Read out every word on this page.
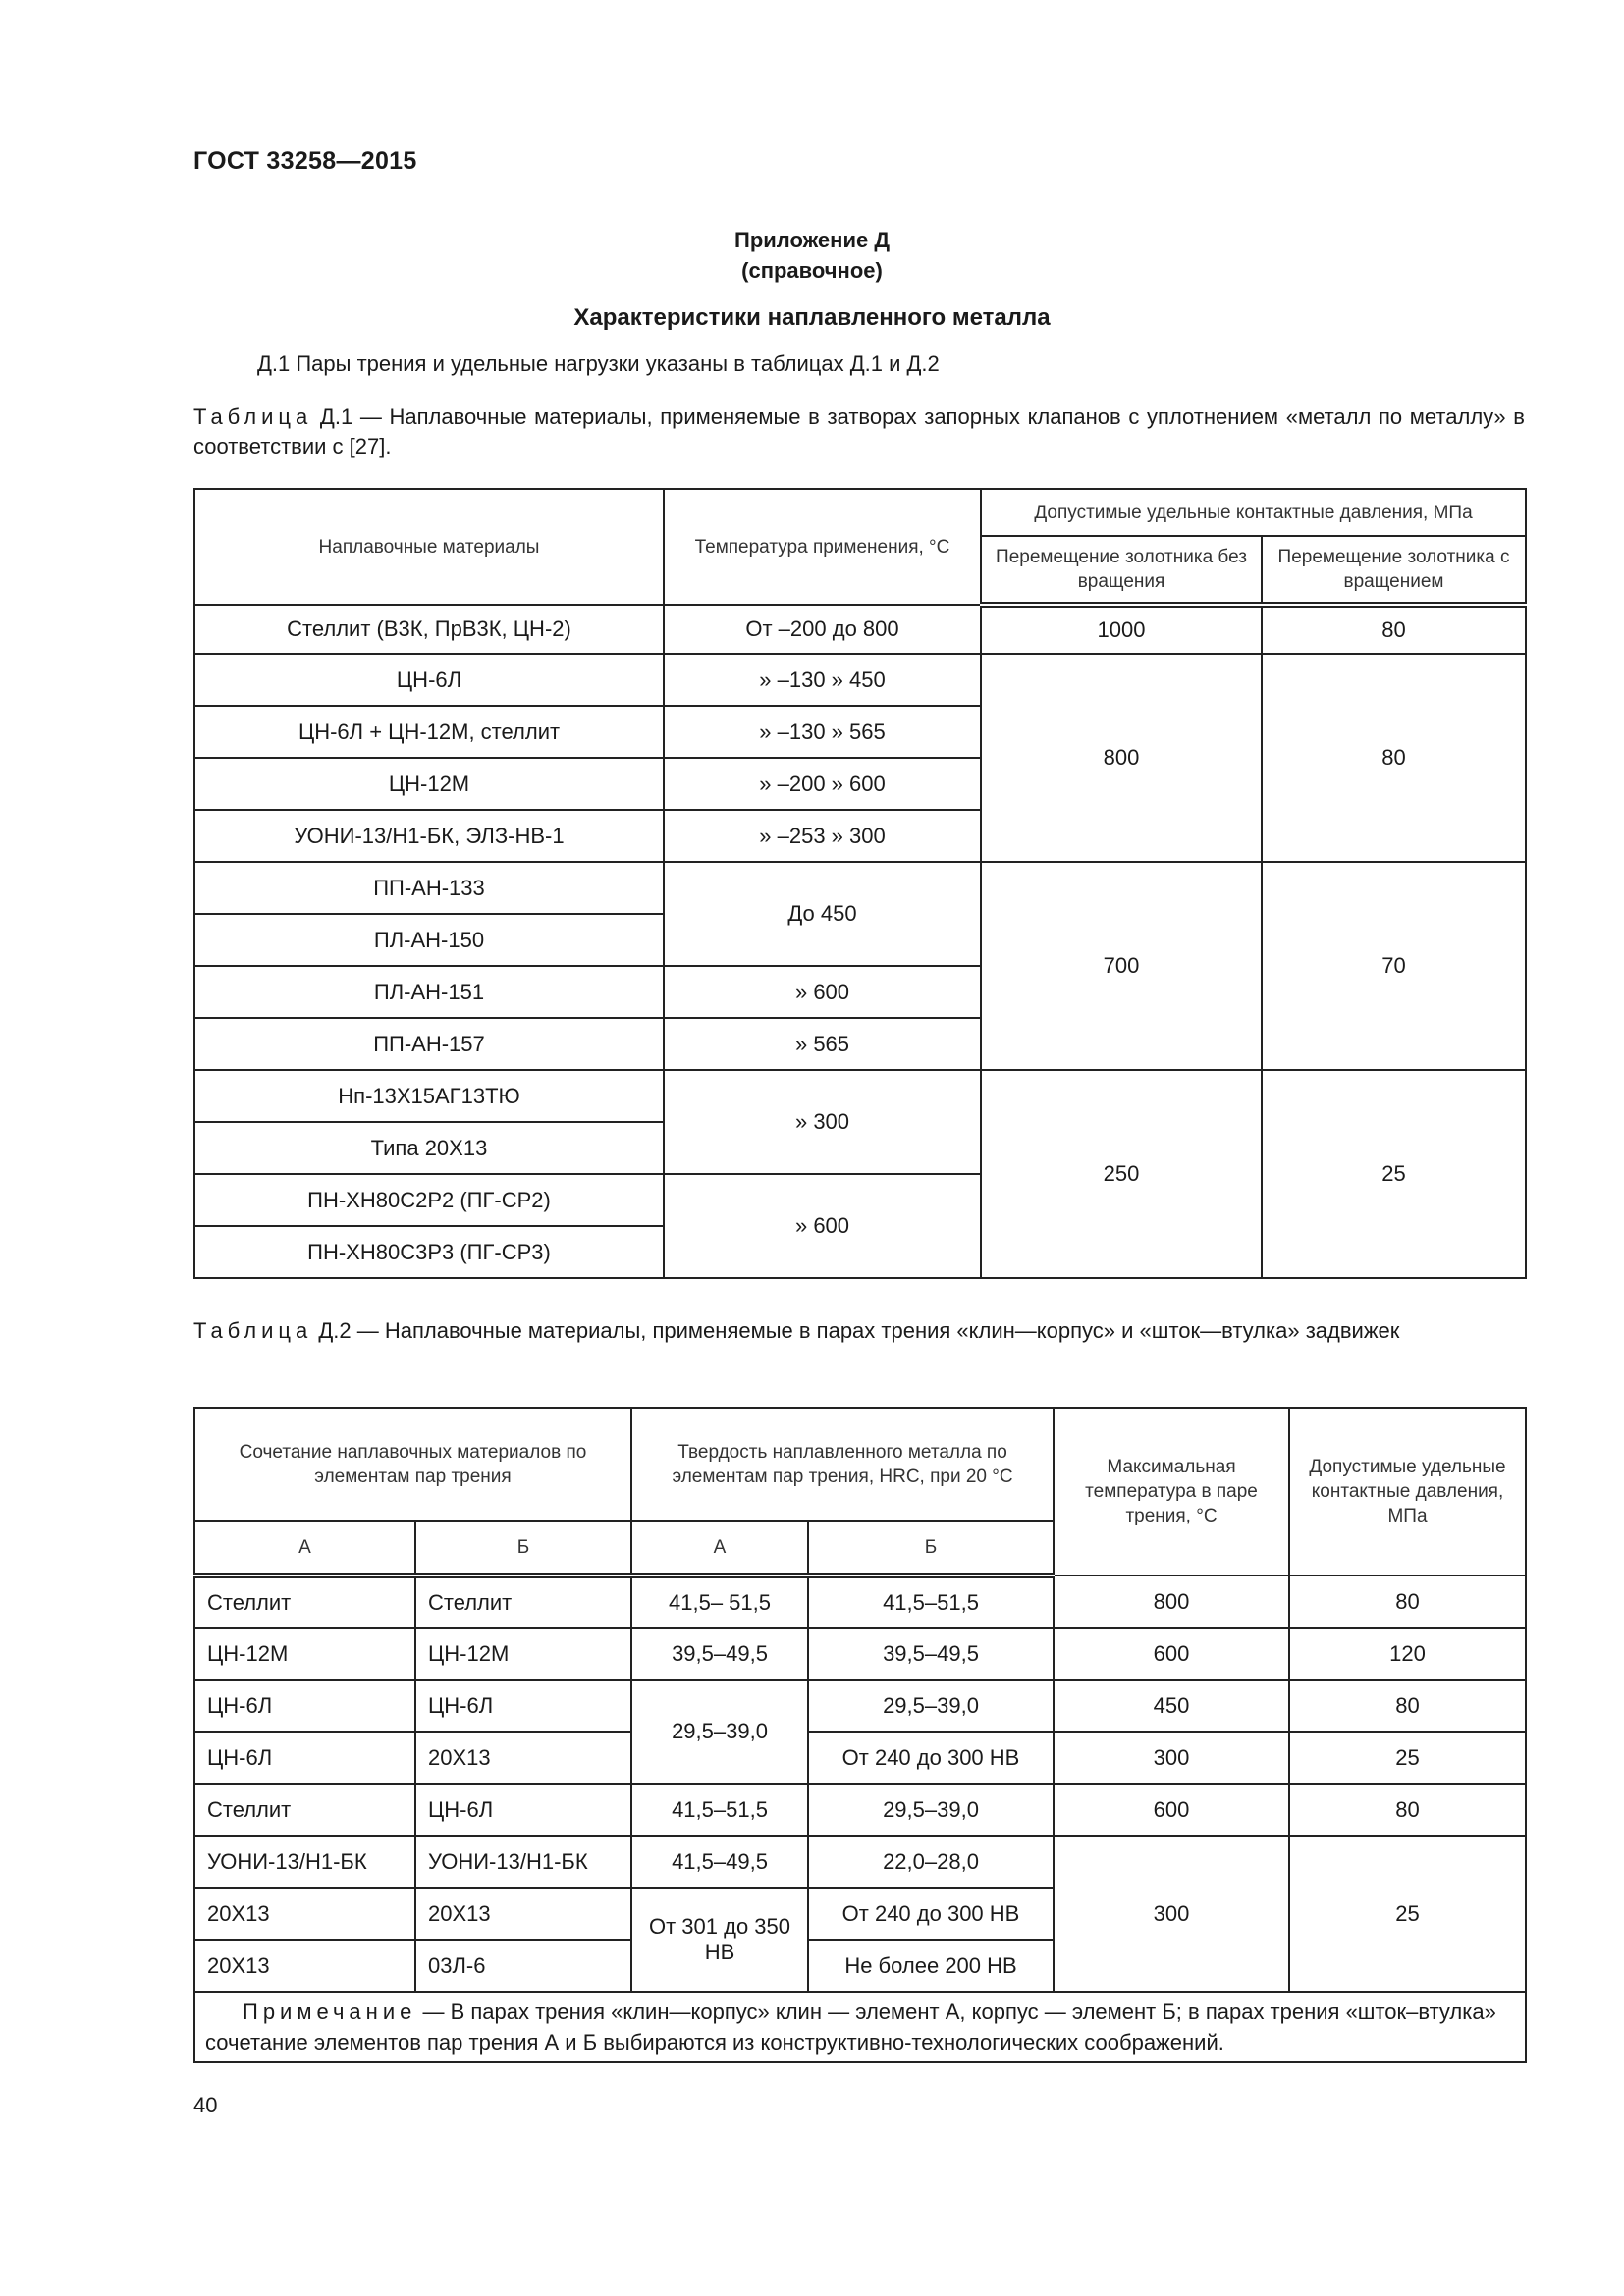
ГОСТ 33258—2015
Приложение Д
(справочное)
Характеристики наплавленного металла
Д.1 Пары трения и удельные нагрузки указаны в таблицах Д.1 и Д.2
Таблица Д.1 — Наплавочные материалы, применяемые в затворах запорных клапанов с уплотнением «металл по металлу» в соответствии с [27].
Наплавочные материалы	Температура применения, °С	Допустимые удельные контактные давления, МПа	
		Перемещение золотника без вращения	Перемещение золотника с вращением
Стеллит (В3К, ПрВ3К, ЦН-2)	От –200 до 800	1000	80
ЦН-6Л	» –130 » 450	800	80
ЦН-6Л + ЦН-12М, стеллит	» –130 » 565		
ЦН-12М	» –200 » 600		
УОНИ-13/Н1-БК, ЭЛЗ-НВ-1	» –253 » 300		
ПП-АН-133	До 450	700	70
ПЛ-АН-150			
ПЛ-АН-151	» 600		
ПП-АН-157	» 565		
Нп-13Х15АГ13ТЮ	» 300	250	25
Типа 20Х13			
ПН-ХН80С2Р2 (ПГ-СР2)	» 600		
ПН-ХН80С3Р3 (ПГ-СР3)			
Таблица Д.2 — Наплавочные материалы, применяемые в парах трения «клин—корпус» и «шток—втулка» задвижек
Сочетание наплавочных материалов по элементам пар трения		Твердость наплавленного металла по элементам пар трения, HRC, при 20 °С		Максимальная температура в паре трения, °С	Допустимые удельные контактные давления, МПа
А	Б	А	Б		
Стеллит	Стеллит	41,5– 51,5	41,5–51,5	800	80
ЦН-12М	ЦН-12М	39,5–49,5	39,5–49,5	600	120
ЦН-6Л	ЦН-6Л	29,5–39,0	29,5–39,0	450	80
ЦН-6Л	20Х13		От 240 до 300 НВ	300	25
Стеллит	ЦН-6Л	41,5–51,5	29,5–39,0	600	80
УОНИ-13/Н1-БК	УОНИ-13/Н1-БК	41,5–49,5	22,0–28,0	300	25
20Х13	20Х13	От 301 до 350 НВ	От 240 до 300 НВ		
20Х13	03Л-6		Не более 200 НВ		
Примечание — В парах трения «клин—корпус» клин — элемент А, корпус — элемент Б; в парах трения «шток–втулка» сочетание элементов пар трения А и Б выбираются из конструктивно-технологических соображений.					
40
